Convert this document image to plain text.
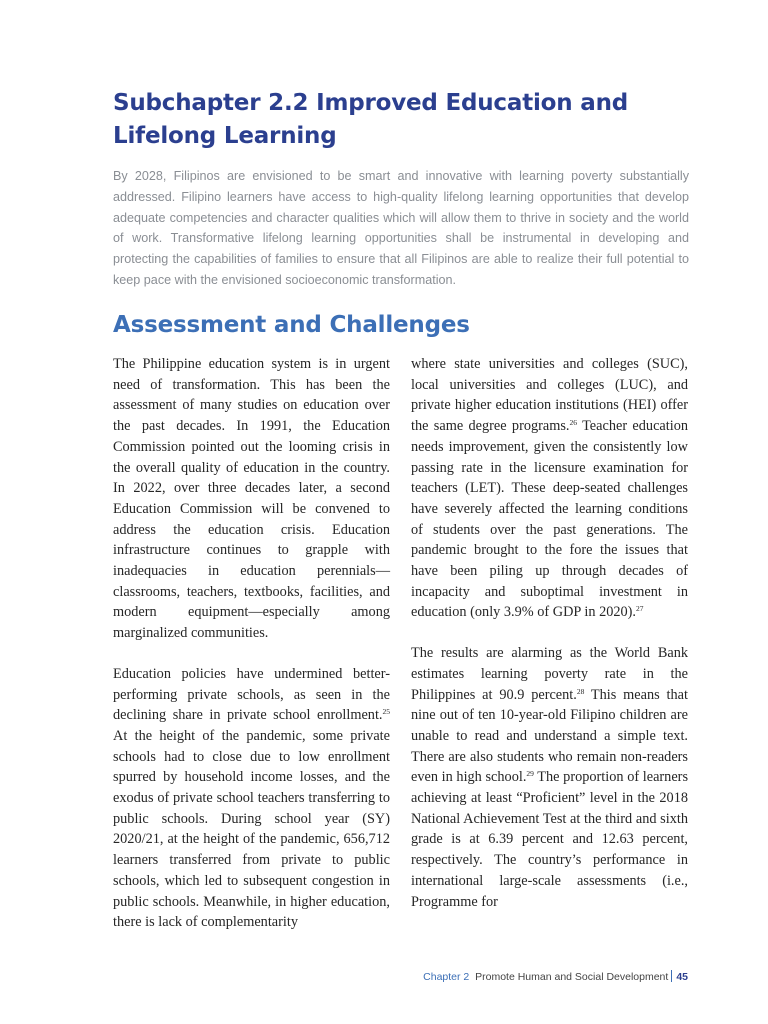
Subchapter 2.2 Improved Education and Lifelong Learning

By 2028, Filipinos are envisioned to be smart and innovative with learning poverty substantially addressed. Filipino learners have access to high-quality lifelong learning opportunities that develop adequate competencies and character qualities which will allow them to thrive in society and the world of work. Transformative lifelong learning opportunities shall be instrumental in developing and protecting the capabilities of families to ensure that all Filipinos are able to realize their full potential to keep pace with the envisioned socioeconomic transformation.

Assessment and Challenges

The Philippine education system is in urgent need of transformation. This has been the assessment of many studies on education over the past decades. In 1991, the Education Commission pointed out the looming crisis in the overall quality of education in the country. In 2022, over three decades later, a second Education Commission will be convened to address the education crisis. Education infrastructure continues to grapple with inadequacies in education perennials—classrooms, teachers, textbooks, facilities, and modern equipment—especially among marginalized communities.

Education policies have undermined better-performing private schools, as seen in the declining share in private school enrollment.$^{25}$ At the height of the pandemic, some private schools had to close due to low enrollment spurred by household income losses, and the exodus of private school teachers transferring to public schools. During school year (SY) 2020/21, at the height of the pandemic, 656,712 learners transferred from private to public schools, which led to subsequent congestion in public schools. Meanwhile, in higher education, there is lack of complementarity

where state universities and colleges (SUC), local universities and colleges (LUC), and private higher education institutions (HEI) offer the same degree programs.$^{26}$ Teacher education needs improvement, given the consistently low passing rate in the licensure examination for teachers (LET). These deep-seated challenges have severely affected the learning conditions of students over the past generations. The pandemic brought to the fore the issues that have been piling up through decades of incapacity and suboptimal investment in education (only 3.9% of GDP in 2020).$^{27}$

The results are alarming as the World Bank estimates learning poverty rate in the Philippines at 90.9 percent.$^{28}$ This means that nine out of ten 10-year-old Filipino children are unable to read and understand a simple text. There are also students who remain non-readers even in high school.$^{29}$ The proportion of learners achieving at least “Proficient” level in the 2018 National Achievement Test at the third and sixth grade is at 6.39 percent and 12.63 percent, respectively. The country’s performance in international large-scale assessments (i.e., Programme for

Chapter 2 Promote Human and Social Development 45
